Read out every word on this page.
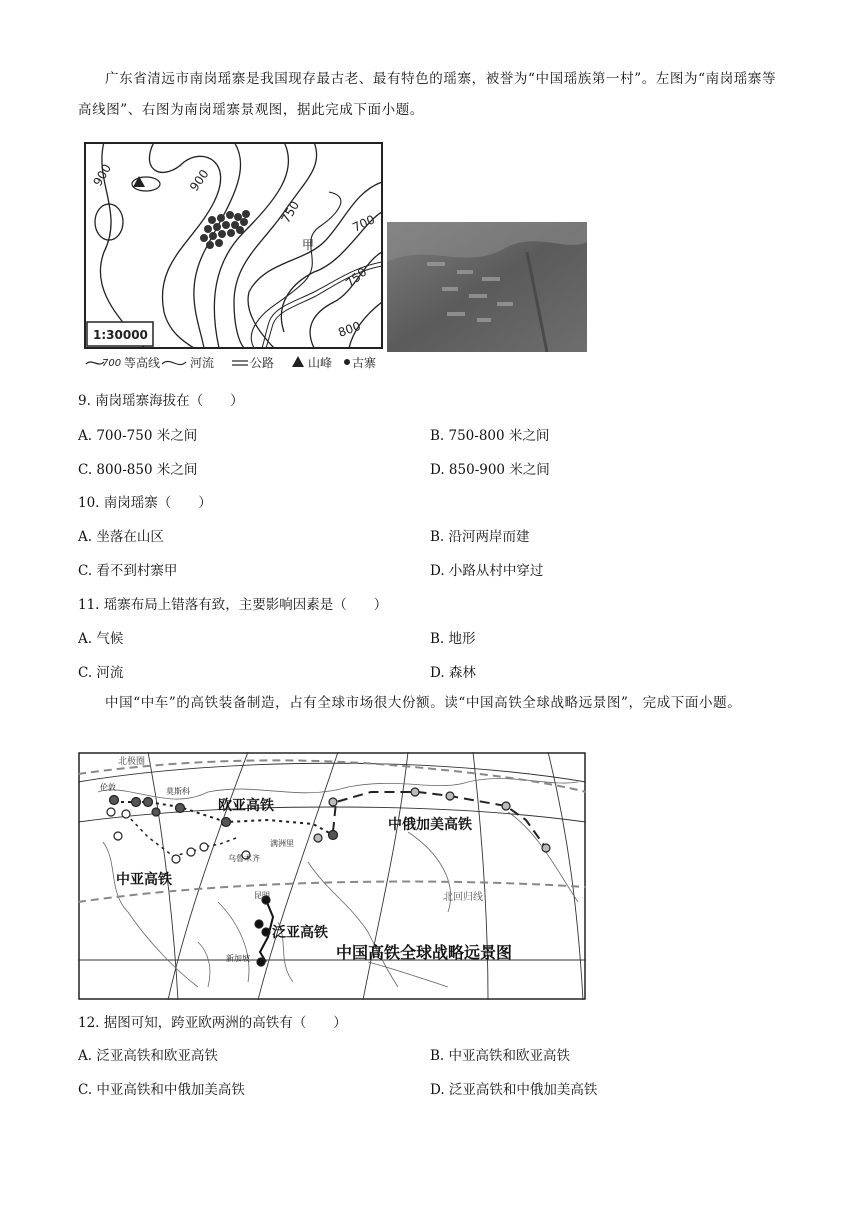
广东省清远市南岗瑶寨是我国现存最古老、最有特色的瑶寨，被誉为“中国瑶族第一村”。左图为“南岗瑶寨等高线图”、右图为南岗瑶寨景观图，据此完成下面小题。
900	900
750	700
750
800
甲
1:30000
700 等高线 河流	公路	山峰 古寨
9. 南岗瑶寨海拔在（　　）
A. 700-750 米之间	B. 750-800 米之间
C. 800-850 米之间	D. 850-900 米之间
10. 南岗瑶寨（　　）
A. 坐落在山区	B. 沿河两岸而建
C. 看不到村寨甲	D. 小路从村中穿过
11. 瑶寨布局上错落有致，主要影响因素是（　　）
A. 气候	B. 地形
C. 河流	D. 森林
中国“中车”的高铁装备制造，占有全球市场很大份额。读“中国高铁全球战略远景图”，完成下面小题。
伦敦	莫斯科
北极圈
欧亚高铁
满洲里
中俄加美高铁
乌鲁木齐
中亚高铁
北回归线
昆明
泛亚高铁
新加坡	中国高铁全球战略远景图
12. 据图可知，跨亚欧两洲的高铁有（　　）
A. 泛亚高铁和欧亚高铁	B. 中亚高铁和欧亚高铁
C. 中亚高铁和中俄加美高铁	D. 泛亚高铁和中俄加美高铁
